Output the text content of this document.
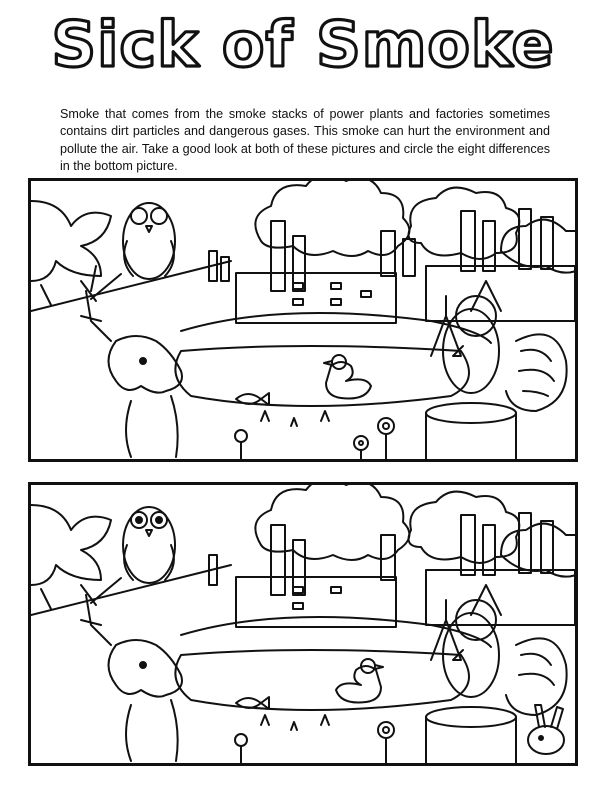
Sick of Smoke

Smoke that comes from the smoke stacks of power plants and factories sometimes contains dirt particles and dangerous gases. This smoke can hurt the environment and pollute the air. Take a good look at both of these pictures and circle the eight differences in the bottom picture.
